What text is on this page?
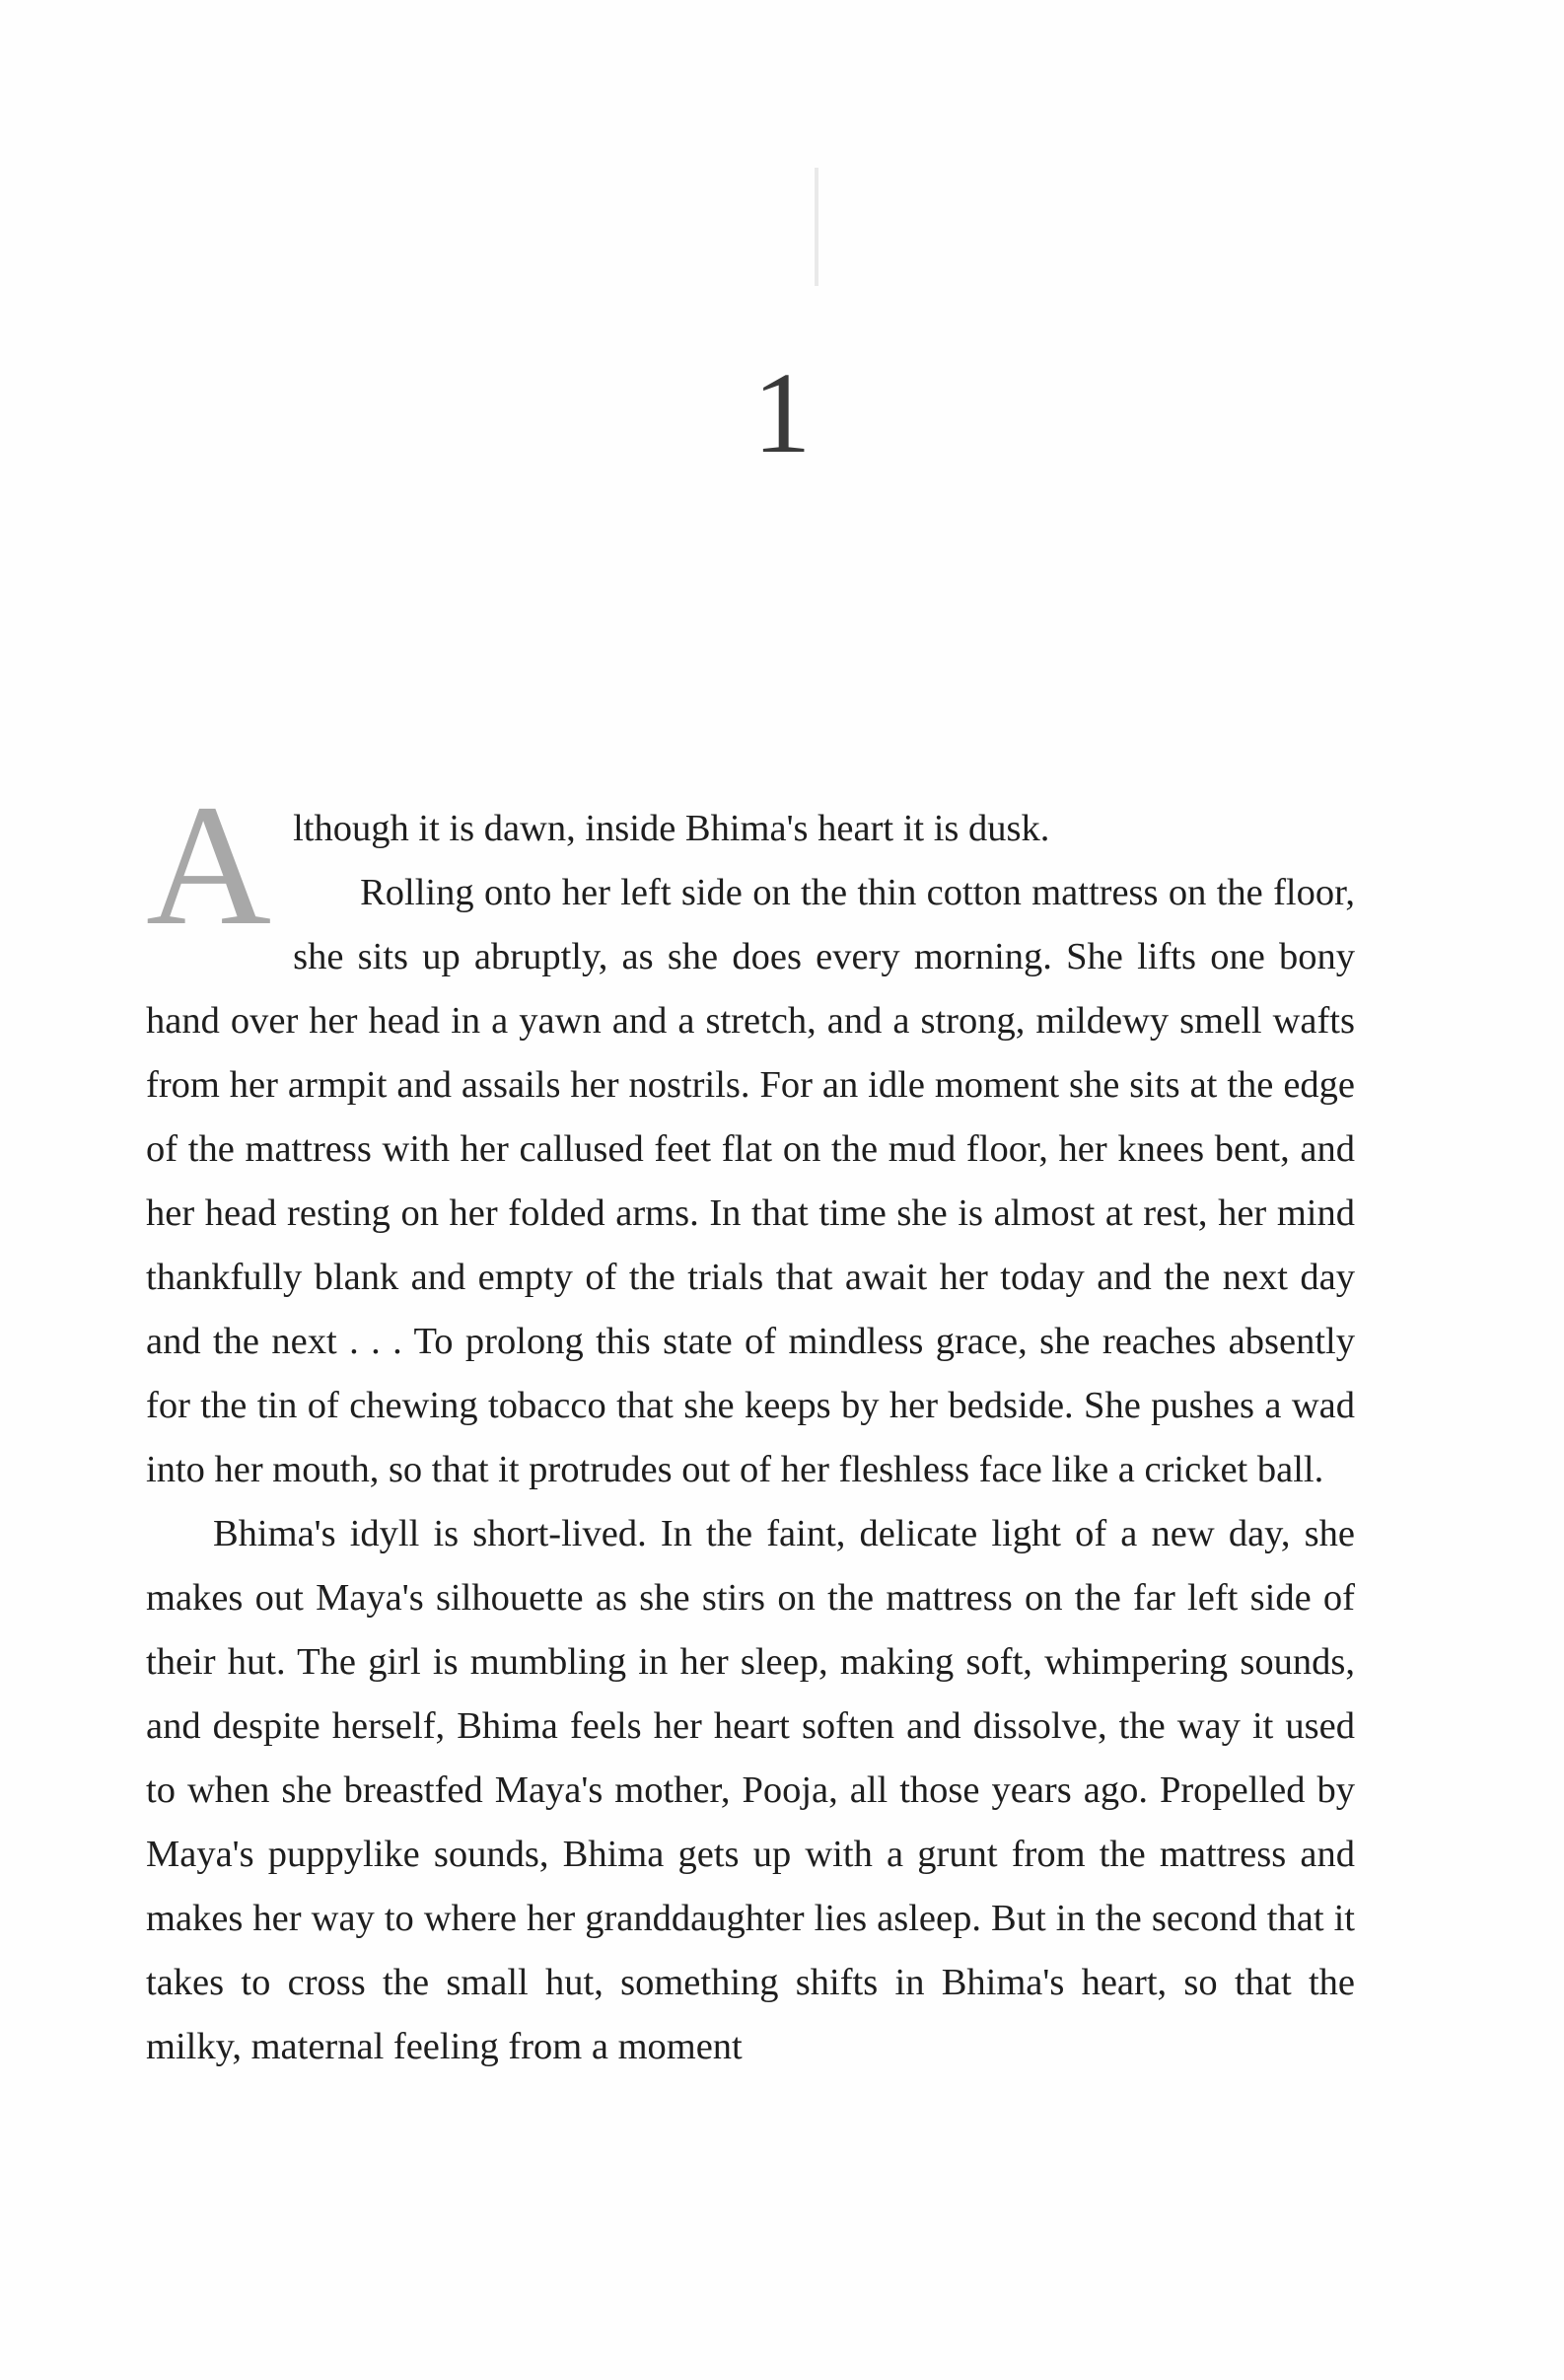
1

Although it is dawn, inside Bhima's heart it is dusk.
Rolling onto her left side on the thin cotton mattress on the floor, she sits up abruptly, as she does every morning. She lifts one bony hand over her head in a yawn and a stretch, and a strong, mildewy smell wafts from her armpit and assails her nostrils. For an idle moment she sits at the edge of the mattress with her callused feet flat on the mud floor, her knees bent, and her head resting on her folded arms. In that time she is almost at rest, her mind thankfully blank and empty of the trials that await her today and the next day and the next . . . To prolong this state of mindless grace, she reaches absently for the tin of chewing tobacco that she keeps by her bedside. She pushes a wad into her mouth, so that it protrudes out of her fleshless face like a cricket ball.

Bhima's idyll is short-lived. In the faint, delicate light of a new day, she makes out Maya's silhouette as she stirs on the mattress on the far left side of their hut. The girl is mumbling in her sleep, making soft, whimpering sounds, and despite herself, Bhima feels her heart soften and dissolve, the way it used to when she breastfed Maya's mother, Pooja, all those years ago. Propelled by Maya's puppylike sounds, Bhima gets up with a grunt from the mattress and makes her way to where her granddaughter lies asleep. But in the second that it takes to cross the small hut, something shifts in Bhima's heart, so that the milky, maternal feeling from a moment
